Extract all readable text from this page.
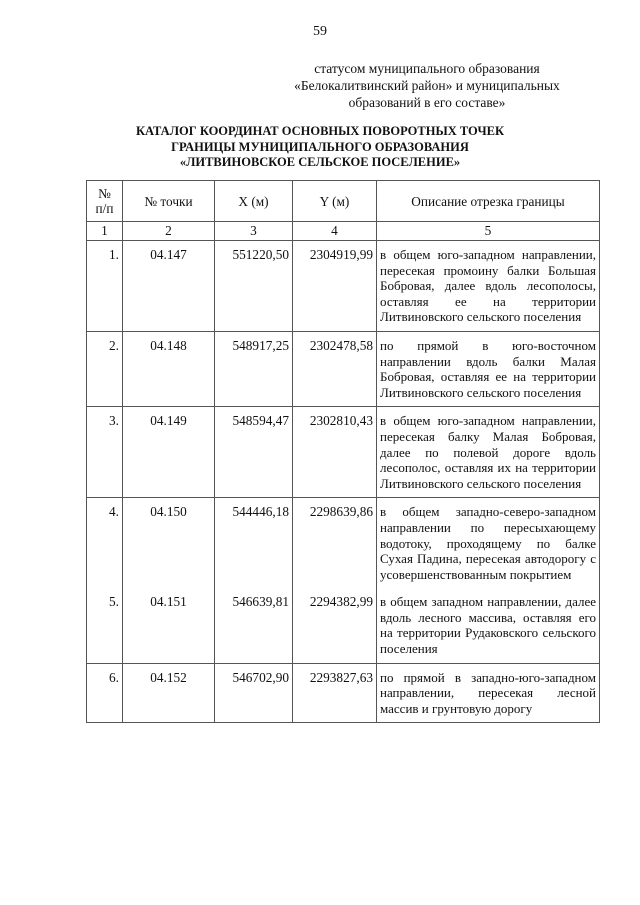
59
статусом муниципального образования
«Белокалитвинский район» и муниципальных
образований в его составе»
КАТАЛОГ КООРДИНАТ ОСНОВНЫХ ПОВОРОТНЫХ ТОЧЕК
ГРАНИЦЫ МУНИЦИПАЛЬНОГО ОБРАЗОВАНИЯ
«ЛИТВИНОВСКОЕ СЕЛЬСКОЕ ПОСЕЛЕНИЕ»
№
п/п	№ точки	X (м)	Y (м)	Описание отрезка границы
1	2	3	4	5
1.	04.147	551220,50	2304919,99	в общем юго-западном направлении, пересекая промоину балки Большая Бобровая, далее вдоль лесополосы, оставляя ее на территории Литвиновского сельского поселения
2.	04.148	548917,25	2302478,58	по прямой в юго-восточном направлении вдоль балки Малая Бобровая, оставляя ее на территории Литвиновского сельского поселения
3.	04.149	548594,47	2302810,43	в общем юго-западном направлении, пересекая балку Малая Бобровая, далее по полевой дороге вдоль лесополос, оставляя их на территории Литвиновского сельского поселения
4.	04.150	544446,18	2298639,86	в общем западно-северо-западном направлении по пересыхающему водотоку, проходящему по балке Сухая Падина, пересекая автодорогу с усовершенствованным покрытием
5.	04.151	546639,81	2294382,99	в общем западном направлении, далее вдоль лесного массива, оставляя его на территории Рудаковского сельского поселения
6.	04.152	546702,90	2293827,63	по прямой в западно-юго-западном направлении, пересекая лесной массив и грунтовую дорогу
